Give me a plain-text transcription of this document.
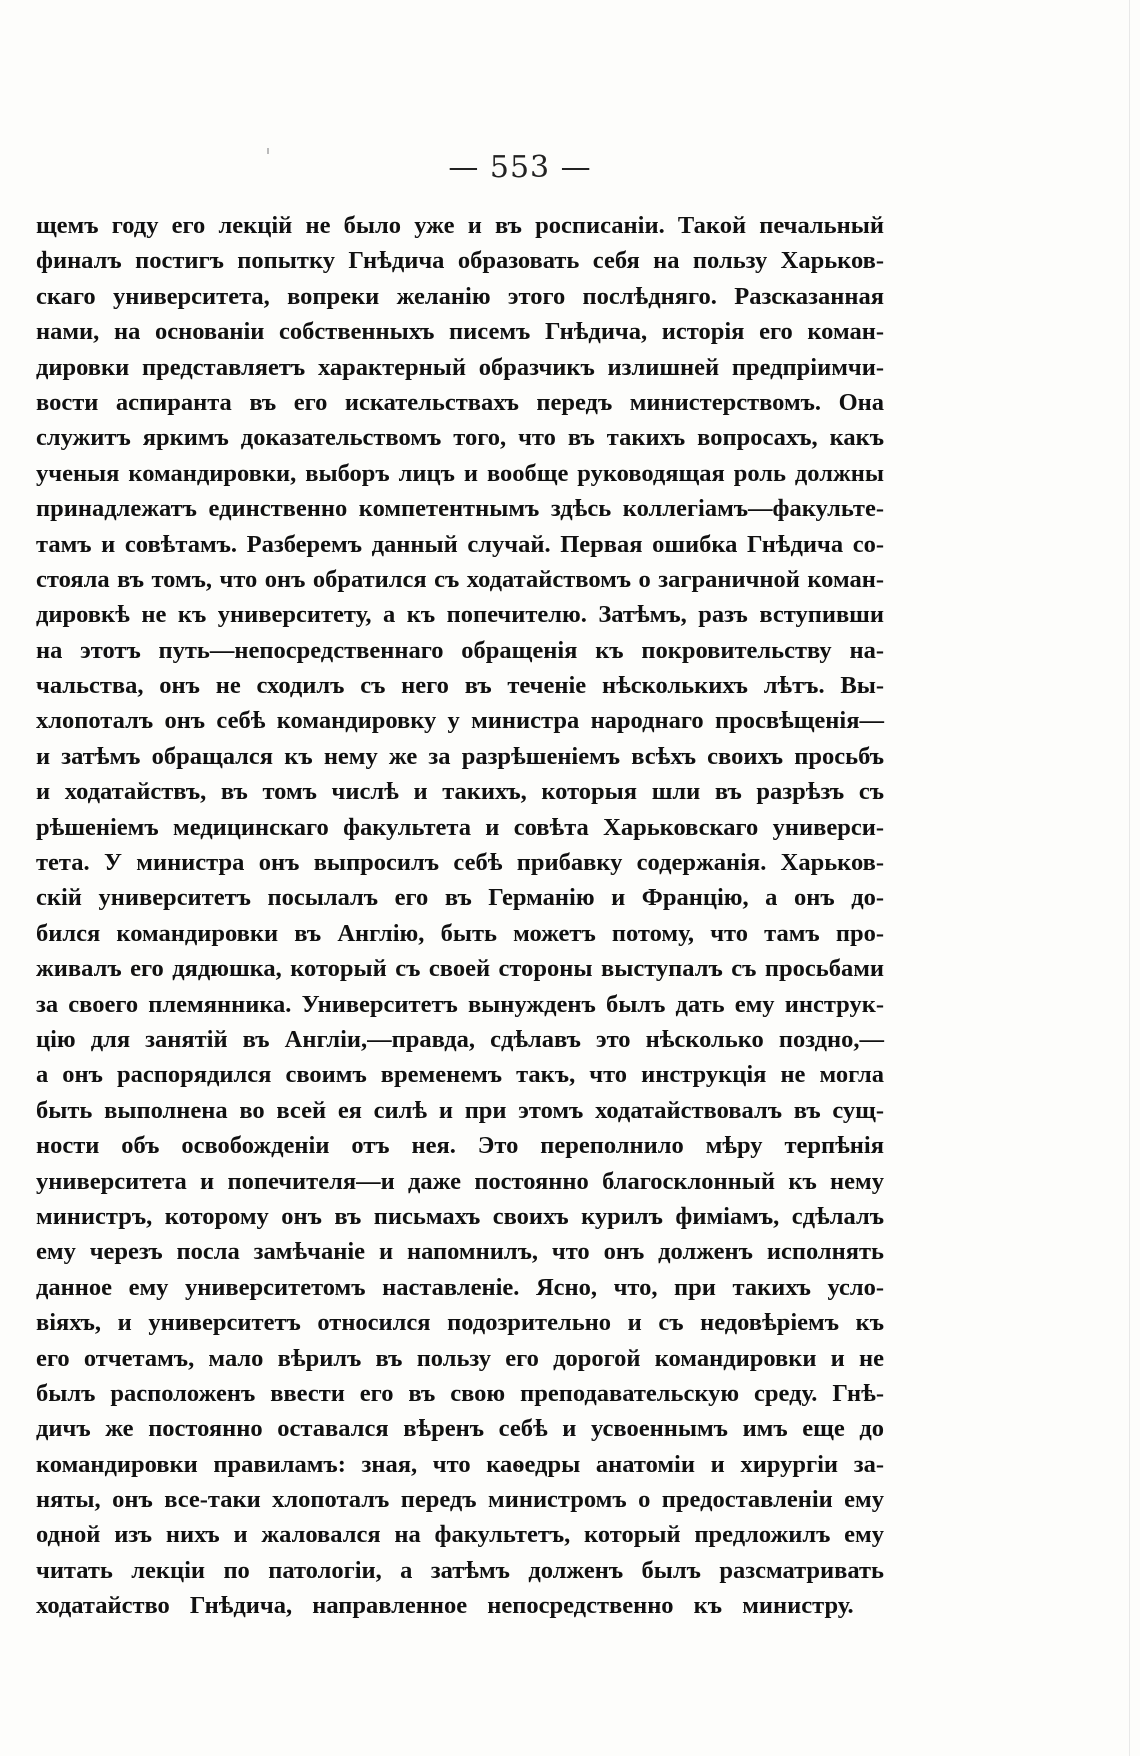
— 553 —
щемъ году его лекцій не было уже и въ росписаніи. Такой печальный
финалъ постигъ попытку Гнѣдича образовать себя на пользу Харьков-
скаго университета, вопреки желанію этого послѣдняго. Разсказанная
нами, на основаніи собственныхъ писемъ Гнѣдича, исторія его коман-
дировки представляетъ характерный образчикъ излишней предпріимчи-
вости аспиранта въ его искательствахъ передъ министерствомъ. Она
служитъ яркимъ доказательствомъ того, что въ такихъ вопросахъ, какъ
ученыя командировки, выборъ лицъ и вообще руководящая роль должны
принадлежатъ единственно компетентнымъ здѣсь коллегіамъ—факульте-
тамъ и совѣтамъ. Разберемъ данный случай. Первая ошибка Гнѣдича со-
стояла въ томъ, что онъ обратился съ ходатайствомъ о заграничной коман-
дировкѣ не къ университету, а къ попечителю. Затѣмъ, разъ вступивши
на этотъ путь—непосредственнаго обращенія къ покровительству на-
чальства, онъ не сходилъ съ него въ теченіе нѣсколькихъ лѣтъ. Вы-
хлопоталъ онъ себѣ командировку у министра народнаго просвѣщенія—
и затѣмъ обращался къ нему же за разрѣшеніемъ всѣхъ своихъ просьбъ
и ходатайствъ, въ томъ числѣ и такихъ, которыя шли въ разрѣзъ съ
рѣшеніемъ медицинскаго факультета и совѣта Харьковскаго универси-
тета. У министра онъ выпросилъ себѣ прибавку содержанія. Харьков-
скій университетъ посылалъ его въ Германію и Францію, а онъ до-
бился командировки въ Англію, быть можетъ потому, что тамъ про-
живалъ его дядюшка, который съ своей стороны выступалъ съ просьбами
за своего племянника. Университетъ вынужденъ былъ дать ему инструк-
цію для занятій въ Англіи,—правда, сдѣлавъ это нѣсколько поздно,—
а онъ распорядился своимъ временемъ такъ, что инструкція не могла
быть выполнена во всей ея силѣ и при этомъ ходатайствовалъ въ сущ-
ности объ освобожденіи отъ нея. Это переполнило мѣру терпѣнія
университета и попечителя—и даже постоянно благосклонный къ нему
министръ, которому онъ въ письмахъ своихъ курилъ фиміамъ, сдѣлалъ
ему черезъ посла замѣчаніе и напомнилъ, что онъ долженъ исполнять
данное ему университетомъ наставленіе. Ясно, что, при такихъ усло-
віяхъ, и университетъ относился подозрительно и съ недовѣріемъ къ
его отчетамъ, мало вѣрилъ въ пользу его дорогой командировки и не
былъ расположенъ ввести его въ свою преподавательскую среду. Гнѣ-
дичъ же постоянно оставался вѣренъ себѣ и усвоеннымъ имъ еще до
командировки правиламъ: зная, что каѳедры анатоміи и хирургіи за-
няты, онъ все-таки хлопоталъ передъ министромъ о предоставленіи ему
одной изъ нихъ и жаловался на факультетъ, который предложилъ ему
читать лекціи по патологіи, а затѣмъ долженъ былъ разсматривать
ходатайство Гнѣдича, направленное непосредственно къ министру.
